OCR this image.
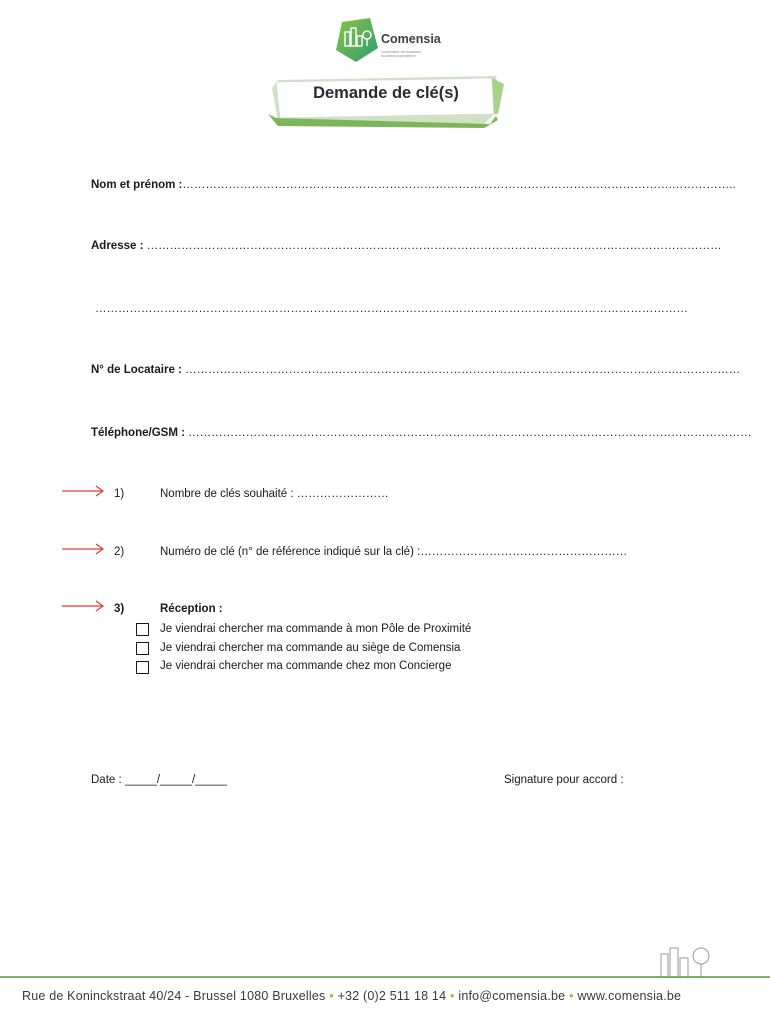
Comensia
coopérative de locataires huurderscoöperatieve
Demande de clé(s)
Nom et prénom :……………………………………………………………………………………………….……………….……………..
Adresse : ……………………………………………………………………………………………………………………………………
……………………………………………………………………………………………………………..…………………………
N° de Locataire : ……………………………………………………………………………………………………………….………………
Téléphone/GSM : …………………………………………………………………………………………………………………………………
1)	Nombre de clés souhaité : ……………………
2)	Numéro de clé (n° de référence indiqué sur la clé) :………………………………………………
3)	Réception :
Je viendrai chercher ma commande à mon Pôle de Proximité
Je viendrai chercher ma commande au siège de Comensia
Je viendrai chercher ma commande chez mon Concierge
Date : _____/_____/_____	Signature pour accord :
Rue de Koninckstraat 40/24 - Brussel 1080 Bruxelles • +32 (0)2 511 18 14 • info@comensia.be • www.comensia.be
